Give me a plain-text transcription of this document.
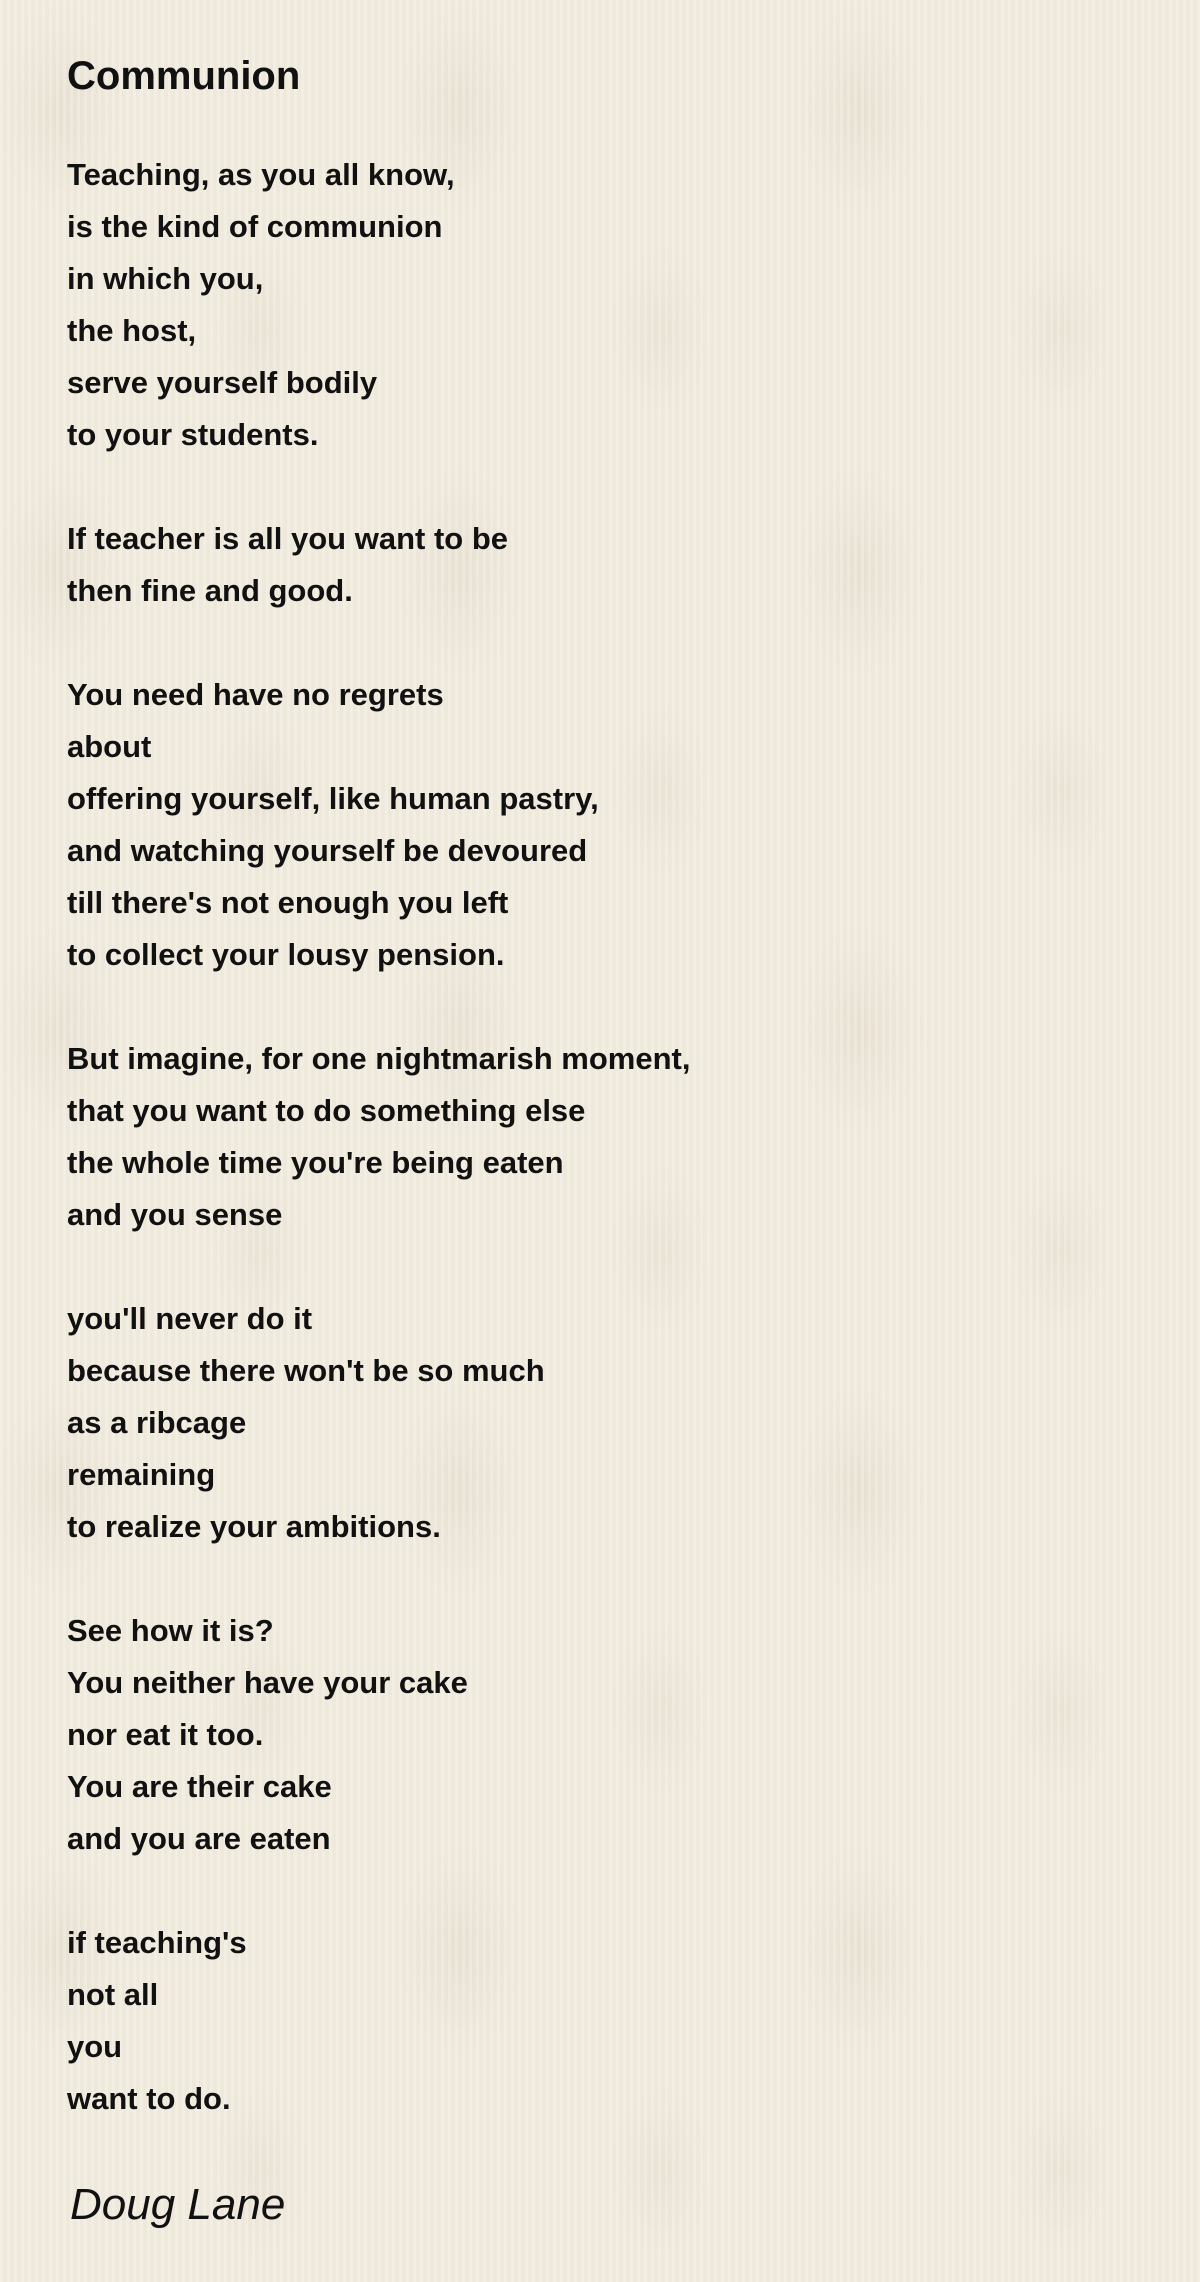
Communion
Teaching, as you all know,
is the kind of communion
in which you,
the host,
serve yourself bodily
to your students.
If teacher is all you want to be
then fine and good.
You need have no regrets
about
offering yourself, like human pastry,
and watching yourself be devoured
till there's not enough you left
to collect your lousy pension.
But imagine, for one nightmarish moment,
that you want to do something else
the whole time you're being eaten
and you sense
you'll never do it
because there won't be so much
as a ribcage
remaining
to realize your ambitions.
See how it is?
You neither have your cake
nor eat it too.
You are their cake
and you are eaten
if teaching's
not all
you
want to do.
Doug Lane
